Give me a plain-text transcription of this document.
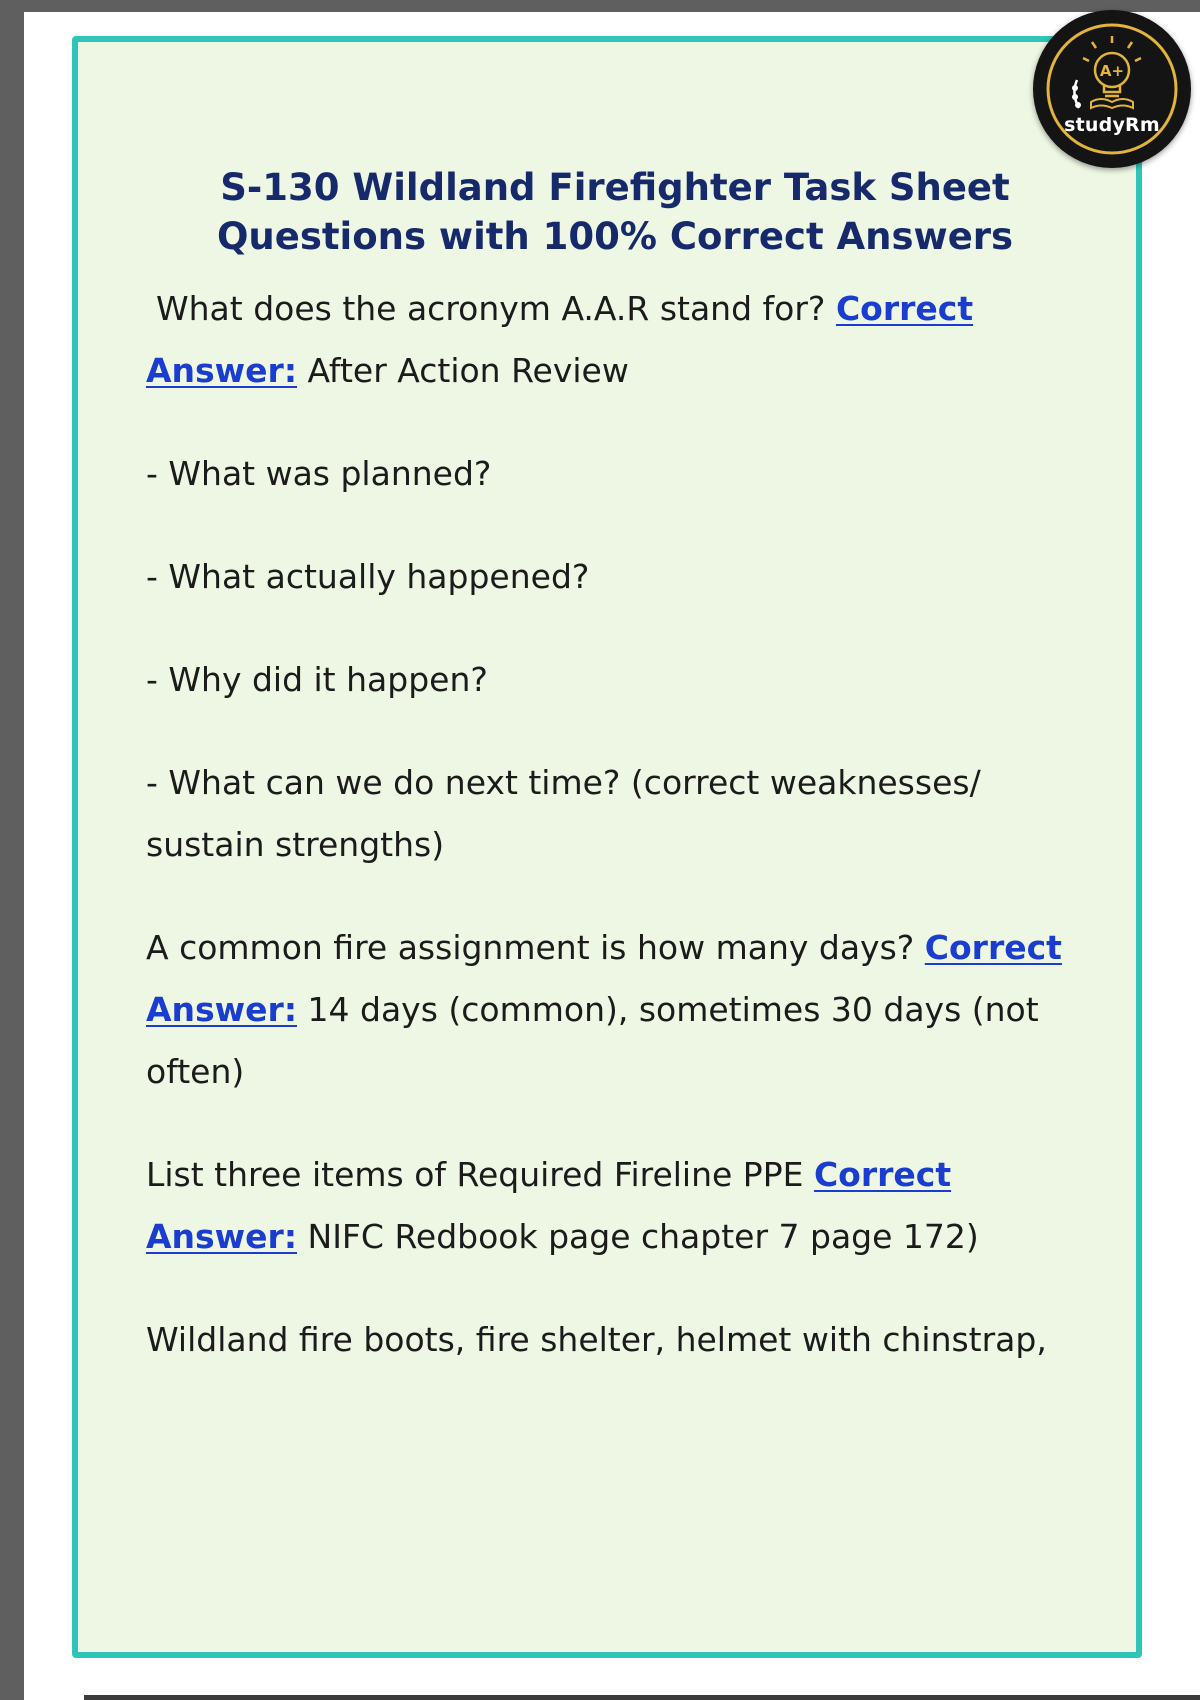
A+
studyRm
S-130 Wildland Firefighter Task Sheet Questions with 100% Correct Answers

What does the acronym A.A.R stand for? Correct Answer: After Action Review

- What was planned?

- What actually happened?

- Why did it happen?

- What can we do next time? (correct weaknesses/ sustain strengths)

A common fire assignment is how many days? Correct Answer: 14 days (common), sometimes 30 days (not often)

List three items of Required Fireline PPE Correct Answer: NIFC Redbook page chapter 7 page 172)

Wildland fire boots, fire shelter, helmet with chinstrap,
